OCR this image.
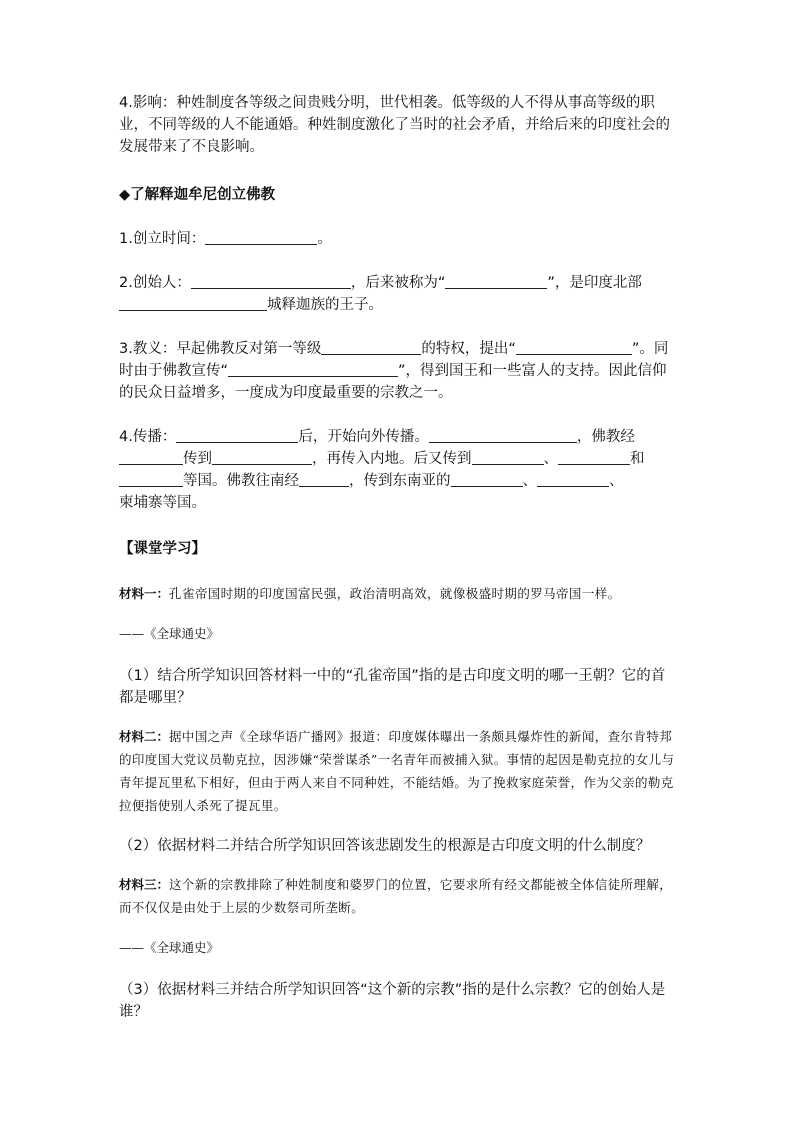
4.影响：种姓制度各等级之间贵贱分明，世代相袭。低等级的人不得从事高等级的职业，不同等级的人不能通婚。种姓制度激化了当时的社会矛盾，并给后来的印度社会的发展带来了不良影响。

◆了解释迦牟尼创立佛教

1.创立时间：	。

2.创始人：	，后来被称为“	”，是印度北部
城释迦族的王子。

3.教义：早起佛教反对第一等级	的特权，提出“	”。同时由于佛教宣传“	”，得到国王和一些富人的支持。因此信仰的民众日益增多，一度成为印度最重要的宗教之一。

4.传播：	后，开始向外传播。	，佛教经
传到	，再传入内地。后又传到	、	和
等国。佛教往南经	，传到东南亚的	、	、
柬埔寨等国。

【课堂学习】

材料一：孔雀帝国时期的印度国富民强，政治清明高效，就像极盛时期的罗马帝国一样。

——《全球通史》

（1）结合所学知识回答材料一中的“孔雀帝国”指的是古印度文明的哪一王朝？它的首都是哪里？

材料二：据中国之声《全球华语广播网》报道：印度媒体曝出一条颇具爆炸性的新闻，查尔肯特邦的印度国大党议员勒克拉，因涉嫌“荣誉谋杀”一名青年而被捕入狱。事情的起因是勒克拉的女儿与青年提瓦里私下相好，但由于两人来自不同种姓，不能结婚。为了挽救家庭荣誉，作为父亲的勒克拉便指使别人杀死了提瓦里。

（2）依据材料二并结合所学知识回答该悲剧发生的根源是古印度文明的什么制度？

材料三：这个新的宗教排除了种姓制度和婆罗门的位置，它要求所有经文都能被全体信徒所理解，而不仅仅是由处于上层的少数祭司所垄断。

——《全球通史》

（3）依据材料三并结合所学知识回答“这个新的宗教”指的是什么宗教？它的创始人是谁？
